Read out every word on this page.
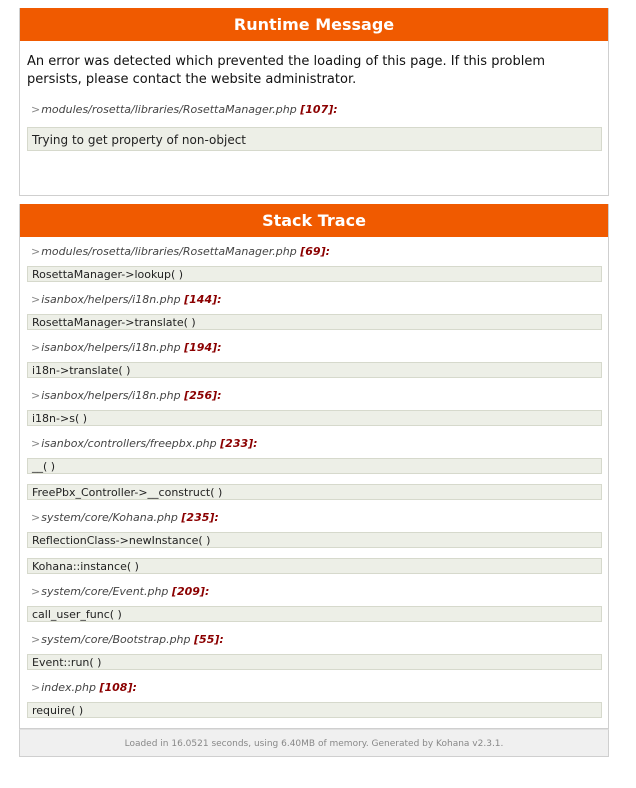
Runtime Message

An error was detected which prevented the loading of this page. If this problem persists, please contact the website administrator.

>modules/rosetta/libraries/RosettaManager.php [107]:
Trying to get property of non-object
Stack Trace
>modules/rosetta/libraries/RosettaManager.php [69]:
RosettaManager->lookup( )
>isanbox/helpers/i18n.php [144]:
RosettaManager->translate( )
>isanbox/helpers/i18n.php [194]:
i18n->translate( )
>isanbox/helpers/i18n.php [256]:
i18n->s( )
>isanbox/controllers/freepbx.php [233]:
__( )
FreePbx_Controller->__construct( )
>system/core/Kohana.php [235]:
ReflectionClass->newInstance( )
Kohana::instance( )
>system/core/Event.php [209]:
call_user_func( )
>system/core/Bootstrap.php [55]:
Event::run( )
>index.php [108]:
require( )
Loaded in 16.0521 seconds, using 6.40MB of memory. Generated by Kohana v2.3.1.
